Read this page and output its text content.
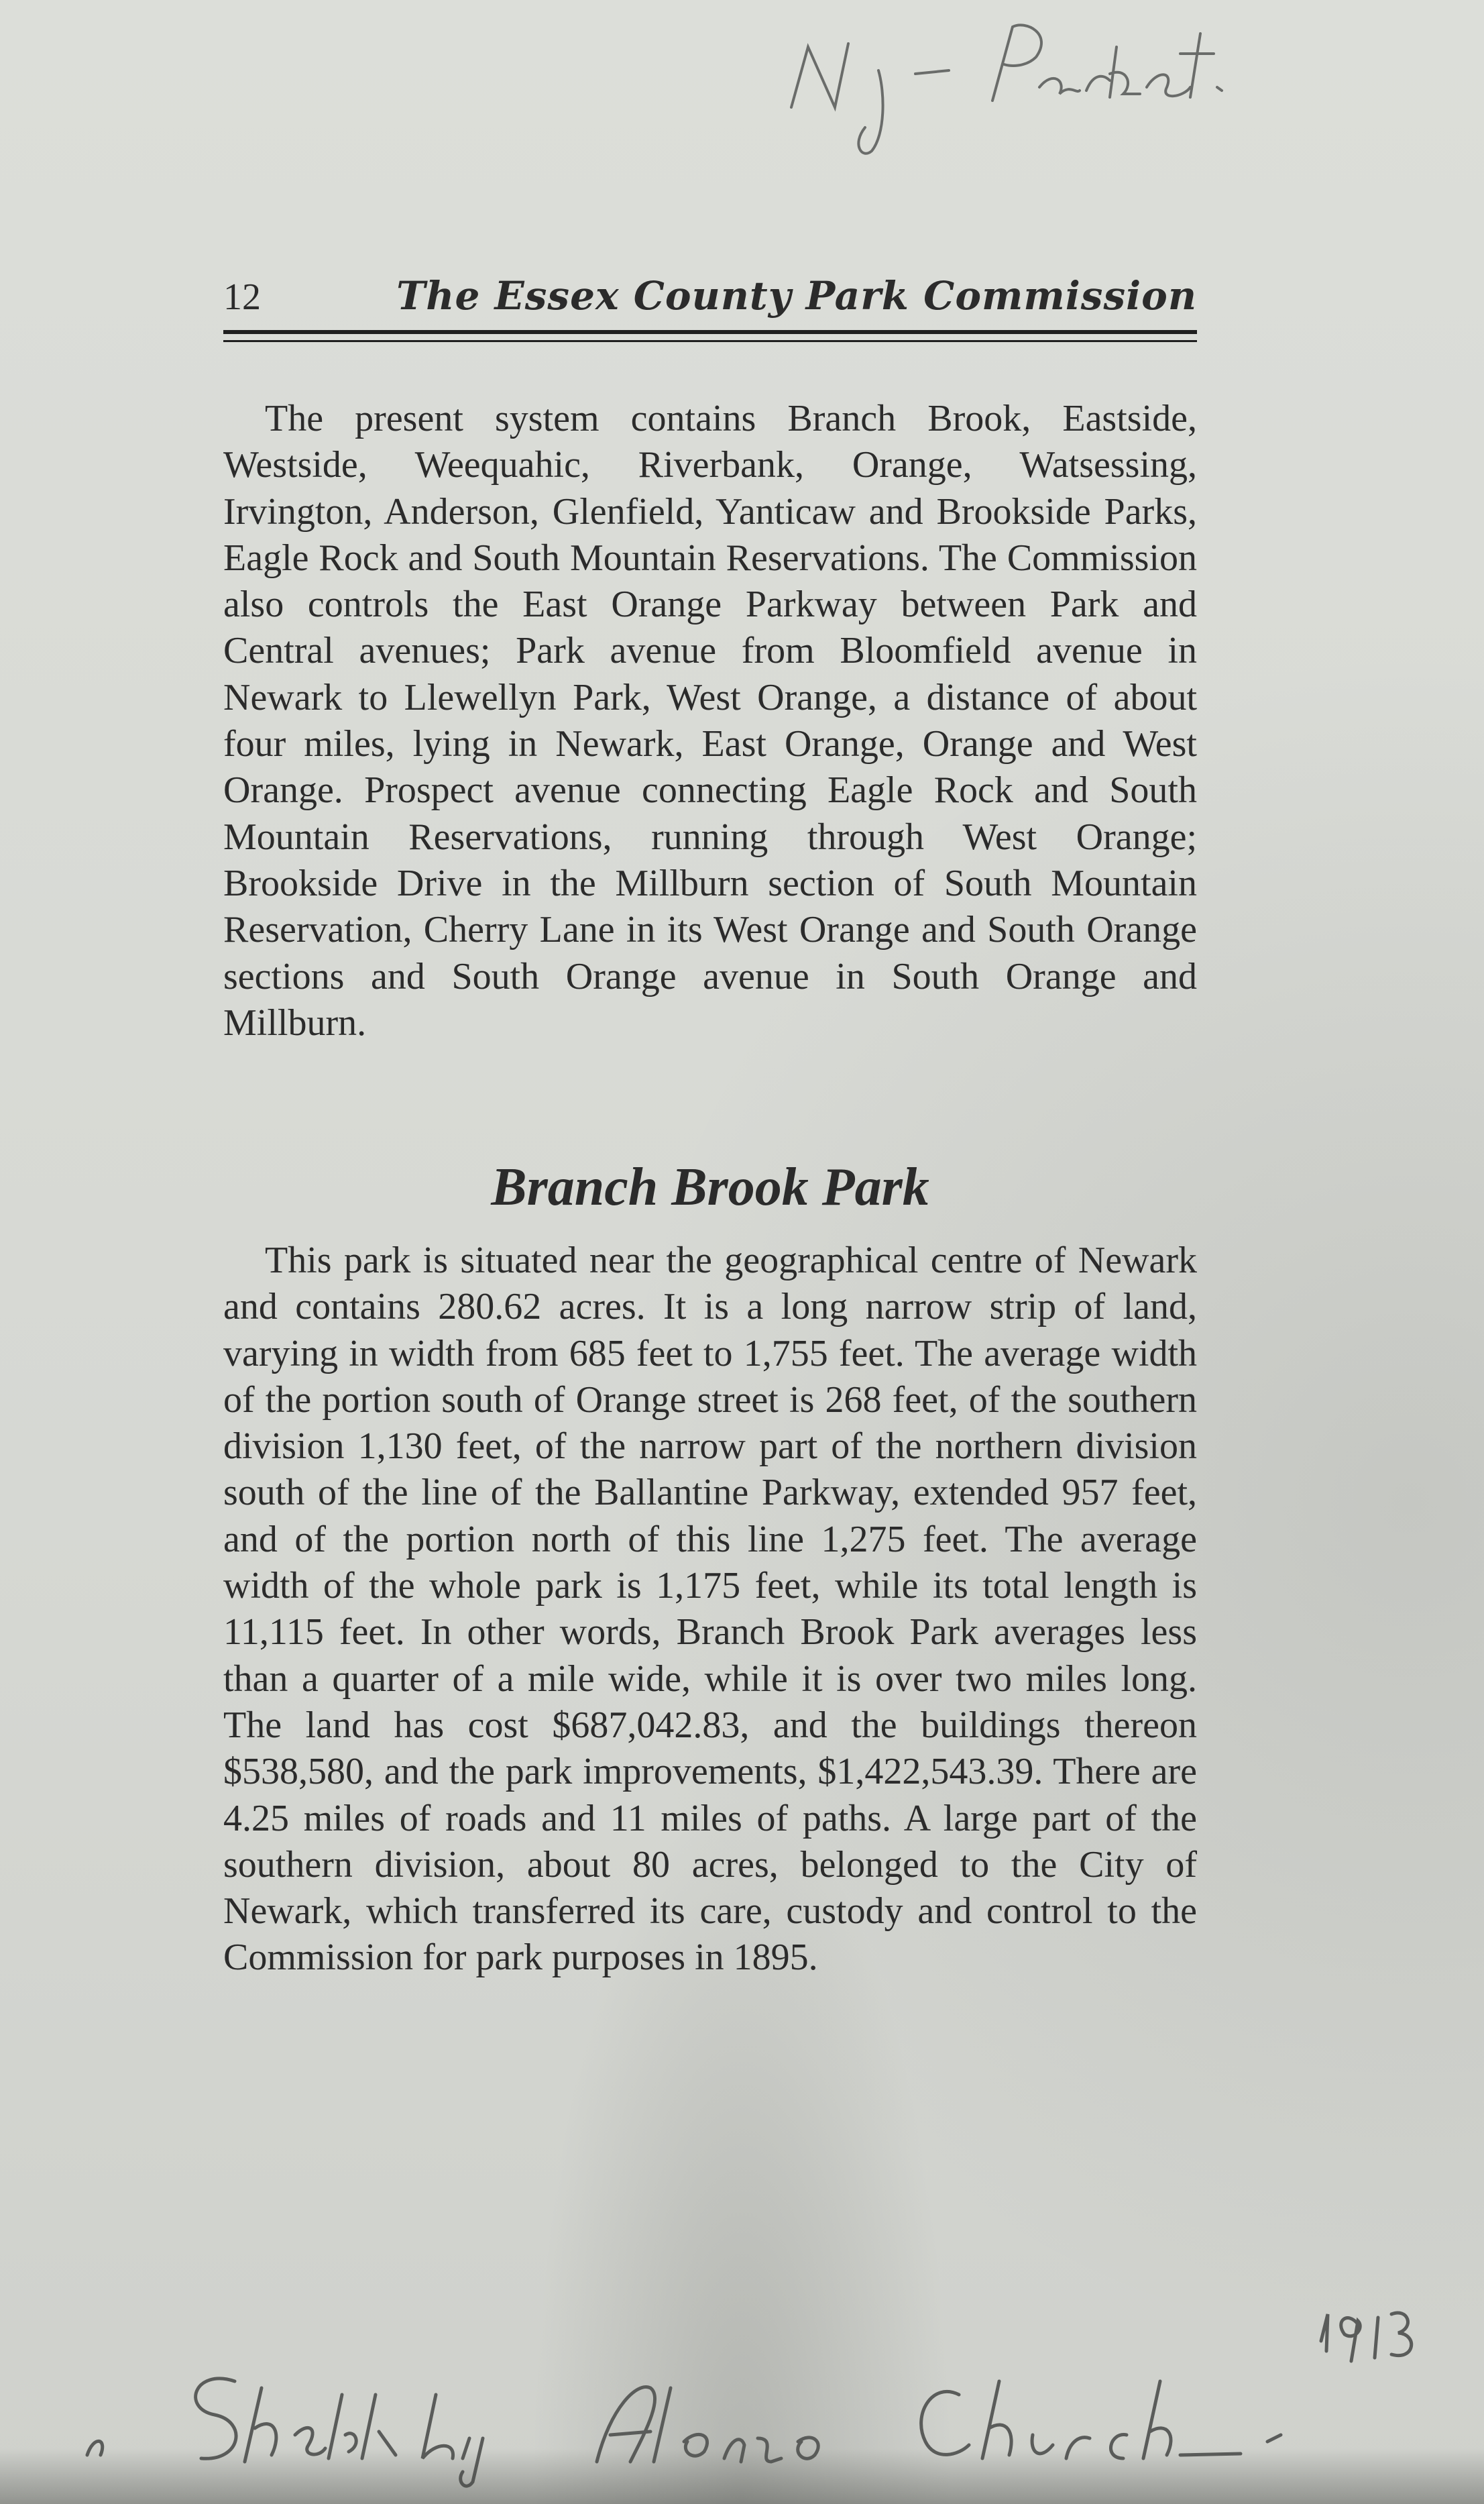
12	The Essex County Park Commission

The present system contains Branch Brook, Eastside, Westside, Weequahic, Riverbank, Orange, Watsessing, Irvington, Anderson, Glenfield, Yanticaw and Brookside Parks, Eagle Rock and South Mountain Reservations. The Commission also controls the East Orange Parkway between Park and Central avenues; Park avenue from Bloomfield avenue in Newark to Llewellyn Park, West Orange, a distance of about four miles, lying in Newark, East Orange, Orange and West Orange. Prospect avenue connecting Eagle Rock and South Mountain Reservations, running through West Orange; Brookside Drive in the Millburn section of South Mountain Reservation, Cherry Lane in its West Orange and South Orange sections and South Orange avenue in South Orange and Millburn.

Branch Brook Park

This park is situated near the geographical centre of Newark and contains 280.62 acres. It is a long narrow strip of land, varying in width from 685 feet to 1,755 feet. The average width of the portion south of Orange street is 268 feet, of the southern division 1,130 feet, of the narrow part of the northern division south of the line of the Ballantine Parkway, extended 957 feet, and of the portion north of this line 1,275 feet. The average width of the whole park is 1,175 feet, while its total length is 11,115 feet. In other words, Branch Brook Park averages less than a quarter of a mile wide, while it is over two miles long. The land has cost $687,042.83, and the buildings thereon $538,580, and the park improvements, $1,422,543.39. There are 4.25 miles of roads and 11 miles of paths. A large part of the southern division, about 80 acres, belonged to the City of Newark, which transferred its care, custody and control to the Commission for park purposes in 1895.
